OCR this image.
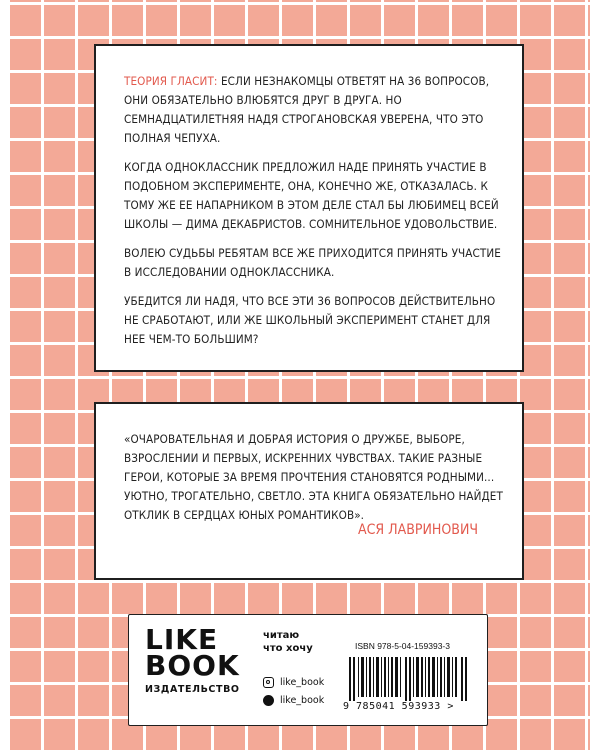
ТЕОРИЯ ГЛАСИТ: ЕСЛИ НЕЗНАКОМЦЫ ОТВЕТЯТ НА 36 ВОПРОСОВ, ОНИ ОБЯЗАТЕЛЬНО ВЛЮБЯТСЯ ДРУГ В ДРУГА. НО СЕМНАДЦАТИЛЕТНЯЯ НАДЯ СТРОГАНОВСКАЯ УВЕРЕНА, ЧТО ЭТО ПОЛНАЯ ЧЕПУХА.

КОГДА ОДНОКЛАССНИК ПРЕДЛОЖИЛ НАДЕ ПРИНЯТЬ УЧАСТИЕ В ПОДОБНОМ ЭКСПЕРИМЕНТЕ, ОНА, КОНЕЧНО ЖЕ, ОТКАЗАЛАСЬ. К ТОМУ ЖЕ ЕЕ НАПАРНИКОМ В ЭТОМ ДЕЛЕ СТАЛ БЫ ЛЮБИМЕЦ ВСЕЙ ШКОЛЫ — ДИМА ДЕКАБРИСТОВ. СОМНИТЕЛЬНОЕ УДОВОЛЬСТВИЕ.

ВОЛЕЮ СУДЬБЫ РЕБЯТАМ ВСЕ ЖЕ ПРИХОДИТСЯ ПРИНЯТЬ УЧАСТИЕ В ИССЛЕДОВАНИИ ОДНОКЛАССНИКА.

УБЕДИТСЯ ЛИ НАДЯ, ЧТО ВСЕ ЭТИ 36 ВОПРОСОВ ДЕЙСТВИТЕЛЬНО НЕ СРАБОТАЮТ, ИЛИ ЖЕ ШКОЛЬНЫЙ ЭКСПЕРИМЕНТ СТАНЕТ ДЛЯ НЕЕ ЧЕМ-ТО БОЛЬШИМ?

«ОЧАРОВАТЕЛЬНАЯ И ДОБРАЯ ИСТОРИЯ О ДРУЖБЕ, ВЫБОРЕ, ВЗРОСЛЕНИИ И ПЕРВЫХ, ИСКРЕННИХ ЧУВСТВАХ. ТАКИЕ РАЗНЫЕ ГЕРОИ, КОТОРЫЕ ЗА ВРЕМЯ ПРОЧТЕНИЯ СТАНОВЯТСЯ РОДНЫМИ... УЮТНО, ТРОГАТЕЛЬНО, СВЕТЛО. ЭТА КНИГА ОБЯЗАТЕЛЬНО НАЙДЕТ ОТКЛИК В СЕРДЦАХ ЮНЫХ РОМАНТИКОВ».

АСЯ ЛАВРИНОВИЧ
LIKE
BOOK
ИЗДАТЕЛЬСТВО
читаю
что хочу
like_book
like_book
ISBN 978-5-04-159393-3
9 785041 593933 >
